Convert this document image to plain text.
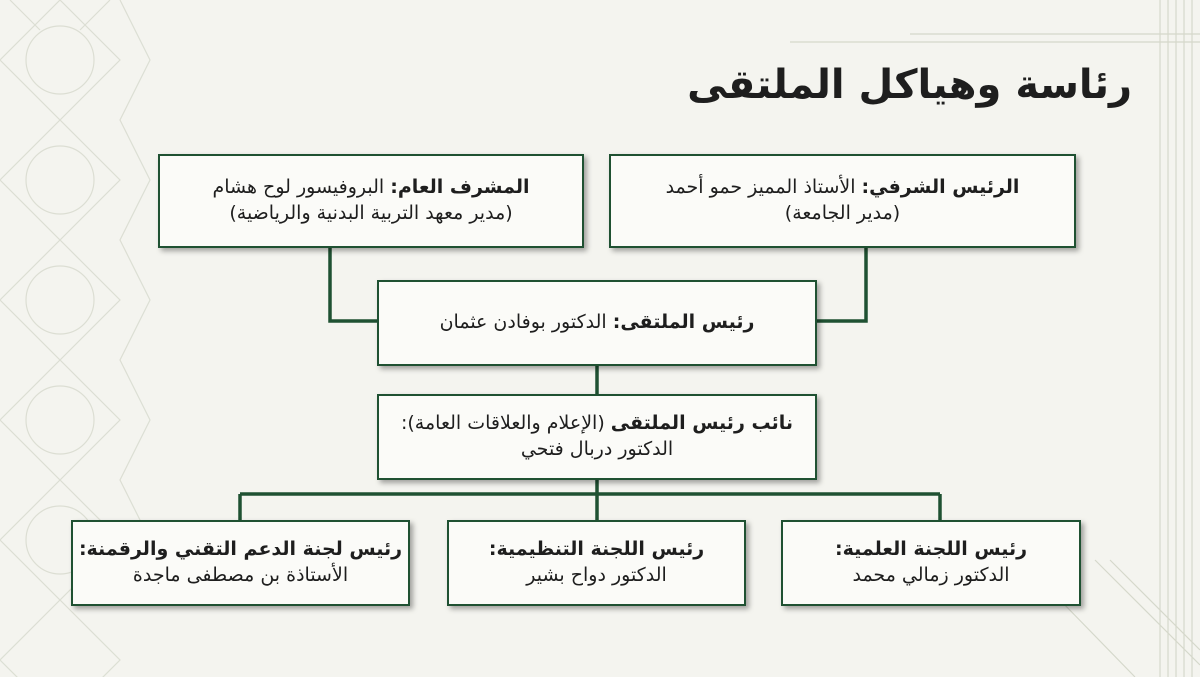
رئاسة وهياكل الملتقى
الرئيس الشرفي: الأستاذ المميز حمو أحمد
(مدير الجامعة)
المشرف العام: البروفيسور لوح هشام
(مدير معهد التربية البدنية والرياضية)
رئيس الملتقى: الدكتور بوفادن عثمان
نائب رئيس الملتقى (الإعلام والعلاقات العامة):
الدكتور دربال فتحي
رئيس اللجنة العلمية:
الدكتور زمالي محمد
رئيس اللجنة التنظيمية:
الدكتور دواح بشير
رئيس لجنة الدعم التقني والرقمنة:
الأستاذة بن مصطفى ماجدة
